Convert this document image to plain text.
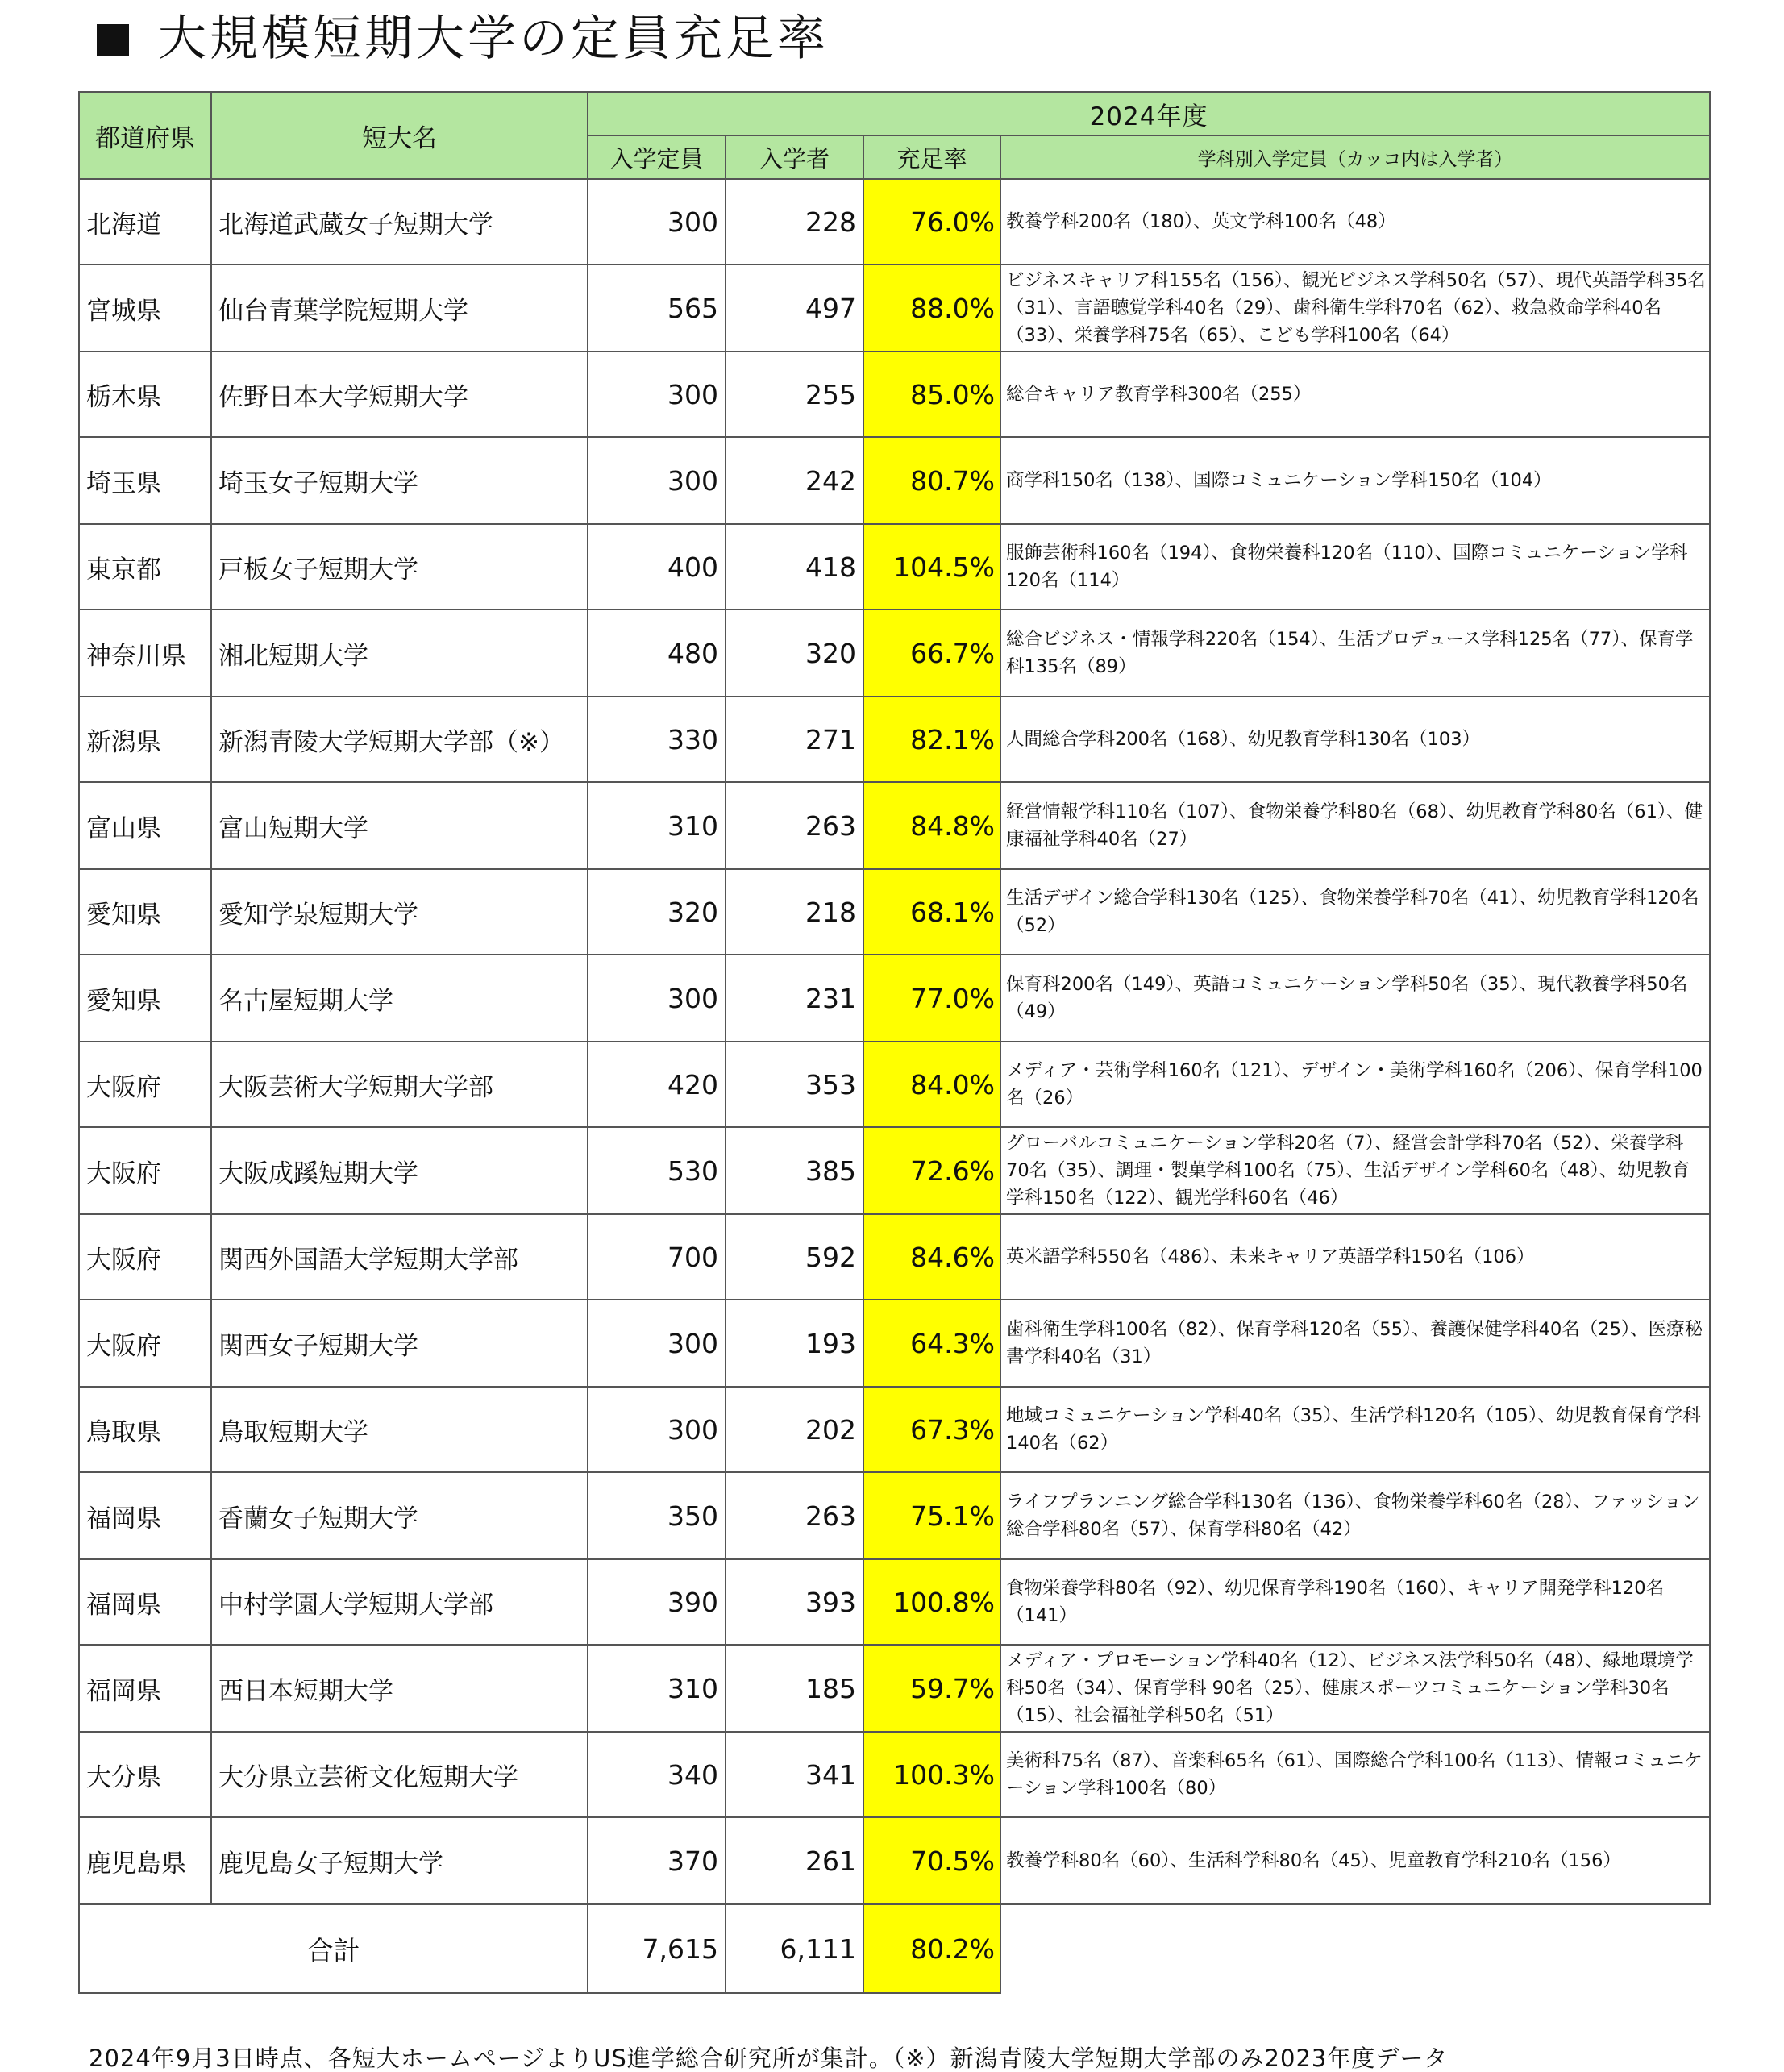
大規模短期大学の定員充足率
都道府県	短大名	2024年度			
		入学定員	入学者	充足率	学科別入学定員（カッコ内は入学者）
北海道	北海道武蔵女子短期大学	300	228	76.0%	教養学科200名（180）、英文学科100名（48）
宮城県	仙台青葉学院短期大学	565	497	88.0%	ビジネスキャリア科155名（156）、観光ビジネス学科50名（57）、現代英語学科35名（31）、言語聴覚学科40名（29）、歯科衛生学科70名（62）、救急救命学科40名（33）、栄養学科75名（65）、こども学科100名（64）
栃木県	佐野日本大学短期大学	300	255	85.0%	総合キャリア教育学科300名（255）
埼玉県	埼玉女子短期大学	300	242	80.7%	商学科150名（138）、国際コミュニケーション学科150名（104）
東京都	戸板女子短期大学	400	418	104.5%	服飾芸術科160名（194）、食物栄養科120名（110）、国際コミュニケーション学科120名（114）
神奈川県	湘北短期大学	480	320	66.7%	総合ビジネス・情報学科220名（154）、生活プロデュース学科125名（77）、保育学科135名（89）
新潟県	新潟青陵大学短期大学部（※）	330	271	82.1%	人間総合学科200名（168）、幼児教育学科130名（103）
富山県	富山短期大学	310	263	84.8%	経営情報学科110名（107）、食物栄養学科80名（68）、幼児教育学科80名（61）、健康福祉学科40名（27）
愛知県	愛知学泉短期大学	320	218	68.1%	生活デザイン総合学科130名（125）、食物栄養学科70名（41）、幼児教育学科120名（52）
愛知県	名古屋短期大学	300	231	77.0%	保育科200名（149）、英語コミュニケーション学科50名（35）、現代教養学科50名（49）
大阪府	大阪芸術大学短期大学部	420	353	84.0%	メディア・芸術学科160名（121）、デザイン・美術学科160名（206）、保育学科100名（26）
大阪府	大阪成蹊短期大学	530	385	72.6%	グローバルコミュニケーション学科20名（7）、経営会計学科70名（52）、栄養学科70名（35）、調理・製菓学科100名（75）、生活デザイン学科60名（48）、幼児教育学科150名（122）、観光学科60名（46）
大阪府	関西外国語大学短期大学部	700	592	84.6%	英米語学科550名（486）、未来キャリア英語学科150名（106）
大阪府	関西女子短期大学	300	193	64.3%	歯科衛生学科100名（82）、保育学科120名（55）、養護保健学科40名（25）、医療秘書学科40名（31）
鳥取県	鳥取短期大学	300	202	67.3%	地域コミュニケーション学科40名（35）、生活学科120名（105）、幼児教育保育学科140名（62）
福岡県	香蘭女子短期大学	350	263	75.1%	ライフプランニング総合学科130名（136）、食物栄養学科60名（28）、ファッション総合学科80名（57）、保育学科80名（42）
福岡県	中村学園大学短期大学部	390	393	100.8%	食物栄養学科80名（92）、幼児保育学科190名（160）、キャリア開発学科120名（141）
福岡県	西日本短期大学	310	185	59.7%	メディア・プロモーション学科40名（12）、ビジネス法学科50名（48）、緑地環境学科50名（34）、保育学科 90名（25）、健康スポーツコミュニケーション学科30名（15）、社会福祉学科50名（51）
大分県	大分県立芸術文化短期大学	340	341	100.3%	美術科75名（87）、音楽科65名（61）、国際総合学科100名（113）、情報コミュニケーション学科100名（80）
鹿児島県	鹿児島女子短期大学	370	261	70.5%	教養学科80名（60）、生活科学科80名（45）、児童教育学科210名（156）
合計		7,615	6,111	80.2%	
2024年9月3日時点、各短大ホームページよりUS進学総合研究所が集計。（※）新潟青陵大学短期大学部のみ2023年度データ
